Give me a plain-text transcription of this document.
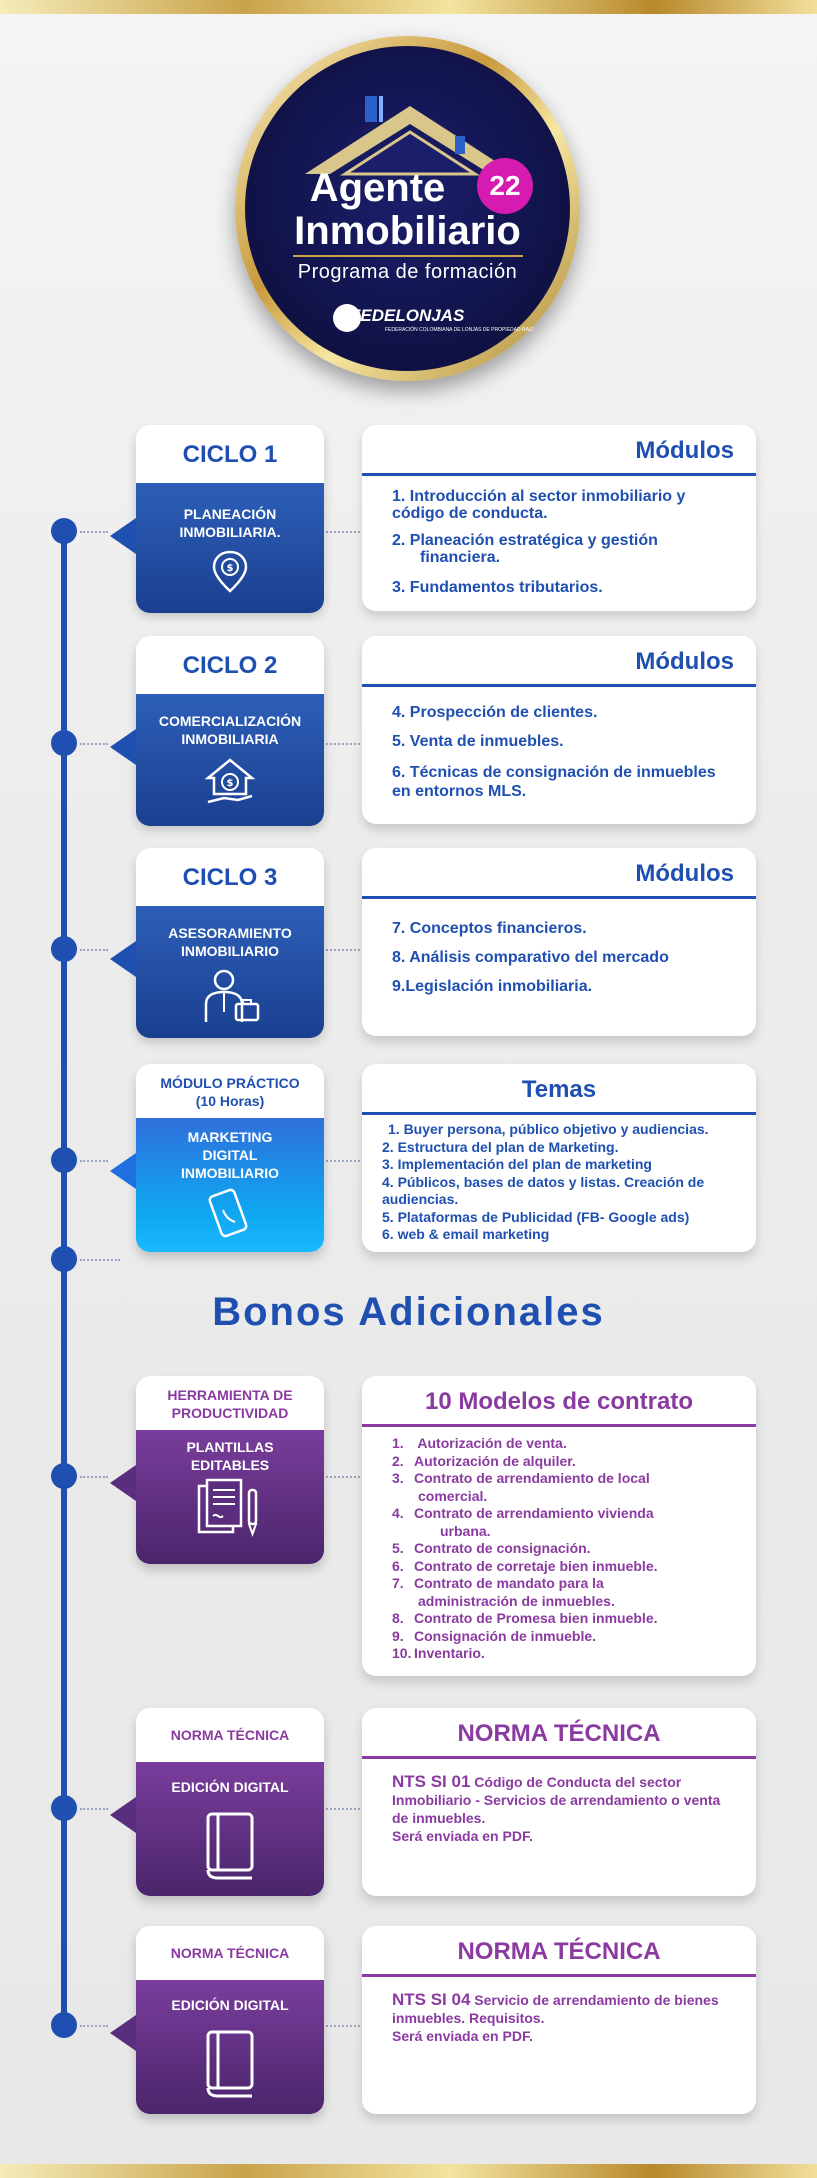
Agente	22
Inmobiliario
Programa de formación
FEDELONJAS
FEDERACIÓN COLOMBIANA DE LONJAS DE PROPIEDAD RAÍZ
CICLO 1
PLANEACIÓN INMOBILIARIA.
$
Módulos
1. Introducción al sector inmobiliario y código de conducta.
2. Planeación estratégica y gestión
financiera.
3. Fundamentos tributarios.
CICLO 2
COMERCIALIZACIÓN INMOBILIARIA
$
Módulos
4. Prospección de clientes.
5. Venta de inmuebles.
6. Técnicas de consignación de inmuebles en entornos MLS.
CICLO 3
ASESORAMIENTO INMOBILIARIO
Módulos
7. Conceptos financieros.
8. Análisis comparativo del mercado
9.Legislación inmobiliaria.
MÓDULO PRÁCTICO
(10 Horas)
MARKETING DIGITAL INMOBILIARIO
Temas
1. Buyer persona, público objetivo y audiencias.
2. Estructura del plan de Marketing.
3. Implementación del plan de marketing
4. Públicos, bases de datos y listas. Creación de audiencias.
5. Plataformas de Publicidad (FB- Google ads)
6. web & email marketing
Bonos Adicionales
HERRAMIENTA DE PRODUCTIVIDAD
PLANTILLAS EDITABLES
10 Modelos de contrato
1. Autorización de venta.
2. Autorización de alquiler.
3. Contrato de arrendamiento de local
comercial.
4. Contrato de arrendamiento vivienda
urbana.
5. Contrato de consignación.
6. Contrato de corretaje bien inmueble.
7. Contrato de mandato para la
administración de inmuebles.
8. Contrato de Promesa bien inmueble.
9. Consignación de inmueble.
10. Inventario.
NORMA TÉCNICA
EDICIÓN DIGITAL
NORMA TÉCNICA
NTS SI 01 Código de Conducta del sector Inmobiliario - Servicios de arrendamiento o venta de inmuebles.
Será enviada en PDF.
NORMA TÉCNICA
EDICIÓN DIGITAL
NORMA TÉCNICA
NTS SI 04 Servicio de arrendamiento de bienes inmuebles. Requisitos.
Será enviada en PDF.
